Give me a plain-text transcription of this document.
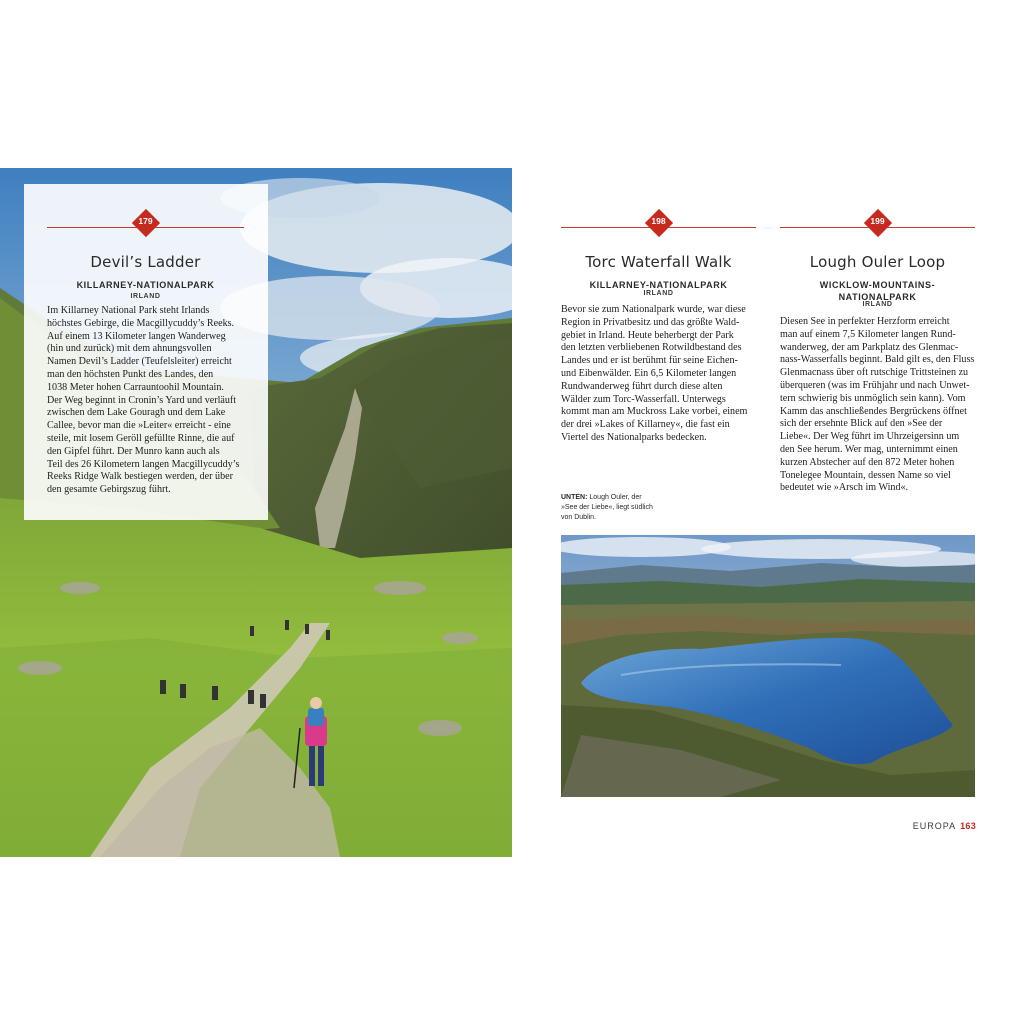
179
Devil’s Ladder
KILLARNEY-NATIONALPARK
IRLAND
Im Killarney National Park steht Irlands
höchstes Gebirge, die Macgillycuddy’s Reeks.
Auf einem 13 Kilometer langen Wanderweg
(hin und zurück) mit dem ahnungsvollen
Namen Devil’s Ladder (Teufelsleiter) erreicht
man den höchsten Punkt des Landes, den
1038 Meter hohen Carrauntoohil Mountain.
Der Weg beginnt in Cronin’s Yard und verläuft
zwischen dem Lake Gouragh und dem Lake
Callee, bevor man die »Leiter« erreicht - eine
steile, mit losem Geröll gefüllte Rinne, die auf
den Gipfel führt. Der Munro kann auch als
Teil des 26 Kilometern langen Macgillycuddy’s
Reeks Ridge Walk bestiegen werden, der über
den gesamte Gebirgszug führt.
198
Torc Waterfall Walk
KILLARNEY-NATIONALPARK
IRLAND
Bevor sie zum Nationalpark wurde, war diese
Region in Privatbesitz und das größte Wald-
gebiet in Irland. Heute beherbergt der Park
den letzten verbliebenen Rotwildbestand des
Landes und er ist berühmt für seine Eichen-
und Eibenwälder. Ein 6,5 Kilometer langen
Rundwanderweg führt durch diese alten
Wälder zum Torc-Wasserfall. Unterwegs
kommt man am Muckross Lake vorbei, einem
der drei »Lakes of Killarney«, die fast ein
Viertel des Nationalparks bedecken.
199
Lough Ouler Loop
WICKLOW-MOUNTAINS-
NATIONALPARK
IRLAND
Diesen See in perfekter Herzform erreicht
man auf einem 7,5 Kilometer langen Rund-
wanderweg, der am Parkplatz des Glenmac-
nass-Wasserfalls beginnt. Bald gilt es, den Fluss
Glenmacnass über oft rutschige Trittsteinen zu
überqueren (was im Frühjahr und nach Unwet-
tern schwierig bis unmöglich sein kann). Vom
Kamm das anschließendes Bergrückens öffnet
sich der ersehnte Blick auf den »See der
Liebe«. Der Weg führt im Uhrzeigersinn um
den See herum. Wer mag, unternimmt einen
kurzen Abstecher auf den 872 Meter hohen
Tonelegee Mountain, dessen Name so viel
bedeutet wie »Arsch im Wind«.
UNTEN: Lough Ouler, der
»See der Liebe«, liegt südlich
von Dublin.
EUROPA 163
